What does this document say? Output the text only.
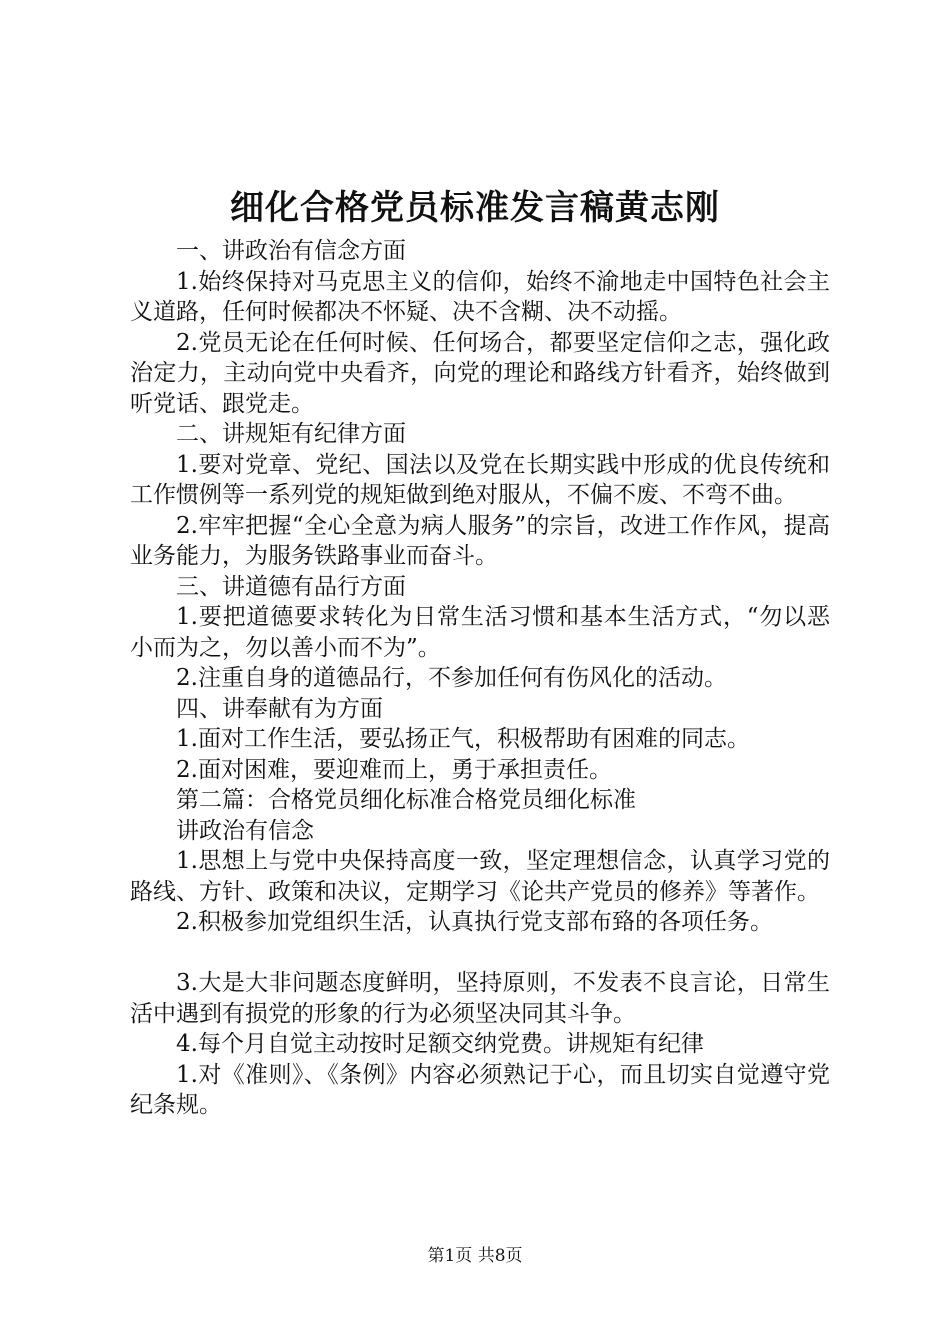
细化合格党员标准发言稿黄志刚

一、讲政治有信念方面

1.始终保持对马克思主义的信仰，始终不渝地走中国特色社会主义道路，任何时候都决不怀疑、决不含糊、决不动摇。

2.党员无论在任何时候、任何场合，都要坚定信仰之志，强化政治定力，主动向党中央看齐，向党的理论和路线方针看齐，始终做到听党话、跟党走。

二、讲规矩有纪律方面

1.要对党章、党纪、国法以及党在长期实践中形成的优良传统和工作惯例等一系列党的规矩做到绝对服从，不偏不废、不弯不曲。

2.牢牢把握“全心全意为病人服务”的宗旨，改进工作作风，提高业务能力，为服务铁路事业而奋斗。

三、讲道德有品行方面

1.要把道德要求转化为日常生活习惯和基本生活方式，“勿以恶小而为之，勿以善小而不为”。

2.注重自身的道德品行，不参加任何有伤风化的活动。

四、讲奉献有为方面

1.面对工作生活，要弘扬正气，积极帮助有困难的同志。

2.面对困难，要迎难而上，勇于承担责任。

第二篇：合格党员细化标准合格党员细化标准

讲政治有信念

1.思想上与党中央保持高度一致，坚定理想信念，认真学习党的路线、方针、政策和决议，定期学习《论共产党员的修养》等著作。

2.积极参加党组织生活，认真执行党支部布臵的各项任务。

3.大是大非问题态度鲜明，坚持原则，不发表不良言论，日常生活中遇到有损党的形象的行为必须坚决同其斗争。

4.每个月自觉主动按时足额交纳党费。讲规矩有纪律

1.对《准则》、《条例》内容必须熟记于心，而且切实自觉遵守党纪条规。

第1页 共8页
